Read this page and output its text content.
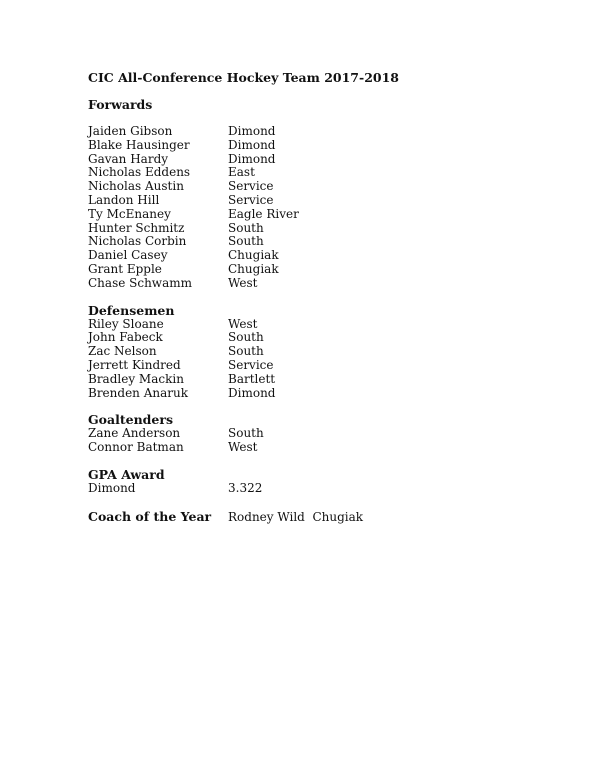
CIC All-Conference Hockey Team 2017-2018

Forwards

Jaiden Gibson	Dimond
Blake Hausinger	Dimond
Gavan Hardy	Dimond
Nicholas Eddens	East
Nicholas Austin	Service
Landon Hill	Service
Ty McEnaney	Eagle River
Hunter Schmitz	South
Nicholas Corbin	South
Daniel Casey	Chugiak
Grant Epple	Chugiak
Chase Schwamm	West

Defensemen

Riley Sloane	West
John Fabeck	South
Zac Nelson	South
Jerrett Kindred	Service
Bradley Mackin	Bartlett
Brenden Anaruk	Dimond

Goaltenders

Zane Anderson	South
Connor Batman	West

GPA Award

Dimond	3.322
Coach of the Year	Rodney Wild  Chugiak
